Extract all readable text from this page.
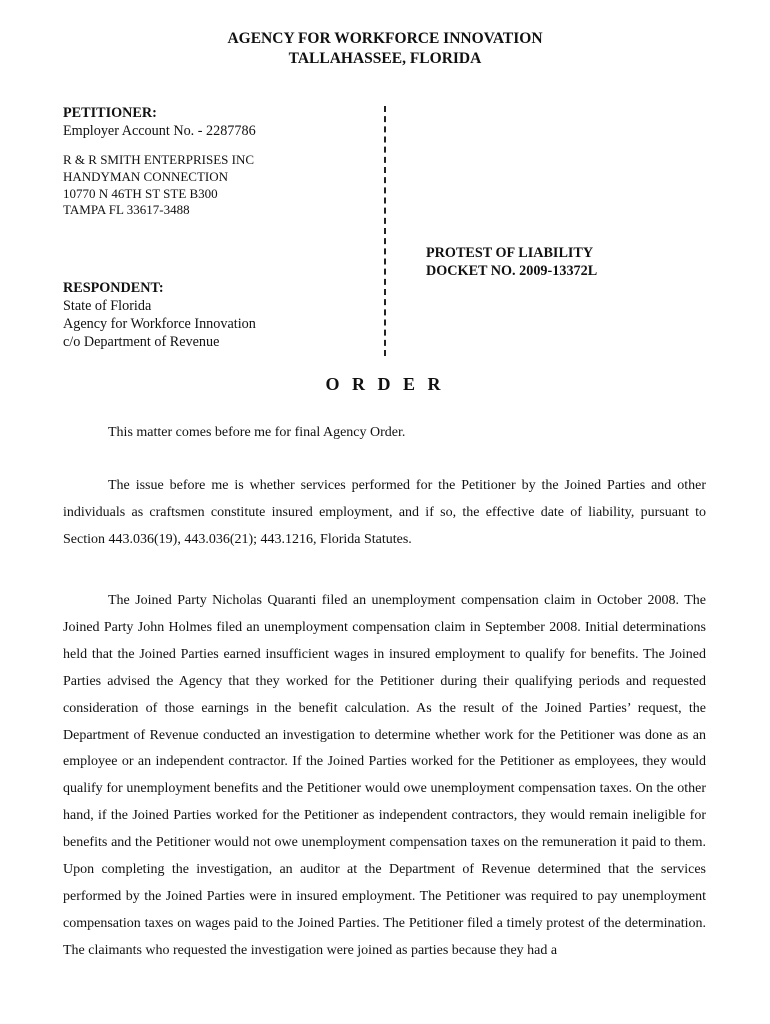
AGENCY FOR WORKFORCE INNOVATION
TALLAHASSEE, FLORIDA
PETITIONER:
Employer Account No. - 2287786
R & R SMITH ENTERPRISES INC
HANDYMAN CONNECTION
10770 N 46TH ST STE B300
TAMPA FL 33617-3488
RESPONDENT:
State of Florida
Agency for Workforce Innovation
c/o Department of Revenue
PROTEST OF LIABILITY
DOCKET NO. 2009-13372L
O R D E R
This matter comes before me for final Agency Order.
The issue before me is whether services performed for the Petitioner by the Joined Parties and other individuals as craftsmen constitute insured employment, and if so, the effective date of liability, pursuant to Section 443.036(19), 443.036(21); 443.1216, Florida Statutes.
The Joined Party Nicholas Quaranti filed an unemployment compensation claim in October 2008. The Joined Party John Holmes filed an unemployment compensation claim in September 2008. Initial determinations held that the Joined Parties earned insufficient wages in insured employment to qualify for benefits. The Joined Parties advised the Agency that they worked for the Petitioner during their qualifying periods and requested consideration of those earnings in the benefit calculation. As the result of the Joined Parties’ request, the Department of Revenue conducted an investigation to determine whether work for the Petitioner was done as an employee or an independent contractor. If the Joined Parties worked for the Petitioner as employees, they would qualify for unemployment benefits and the Petitioner would owe unemployment compensation taxes. On the other hand, if the Joined Parties worked for the Petitioner as independent contractors, they would remain ineligible for benefits and the Petitioner would not owe unemployment compensation taxes on the remuneration it paid to them. Upon completing the investigation, an auditor at the Department of Revenue determined that the services performed by the Joined Parties were in insured employment. The Petitioner was required to pay unemployment compensation taxes on wages paid to the Joined Parties. The Petitioner filed a timely protest of the determination. The claimants who requested the investigation were joined as parties because they had a
